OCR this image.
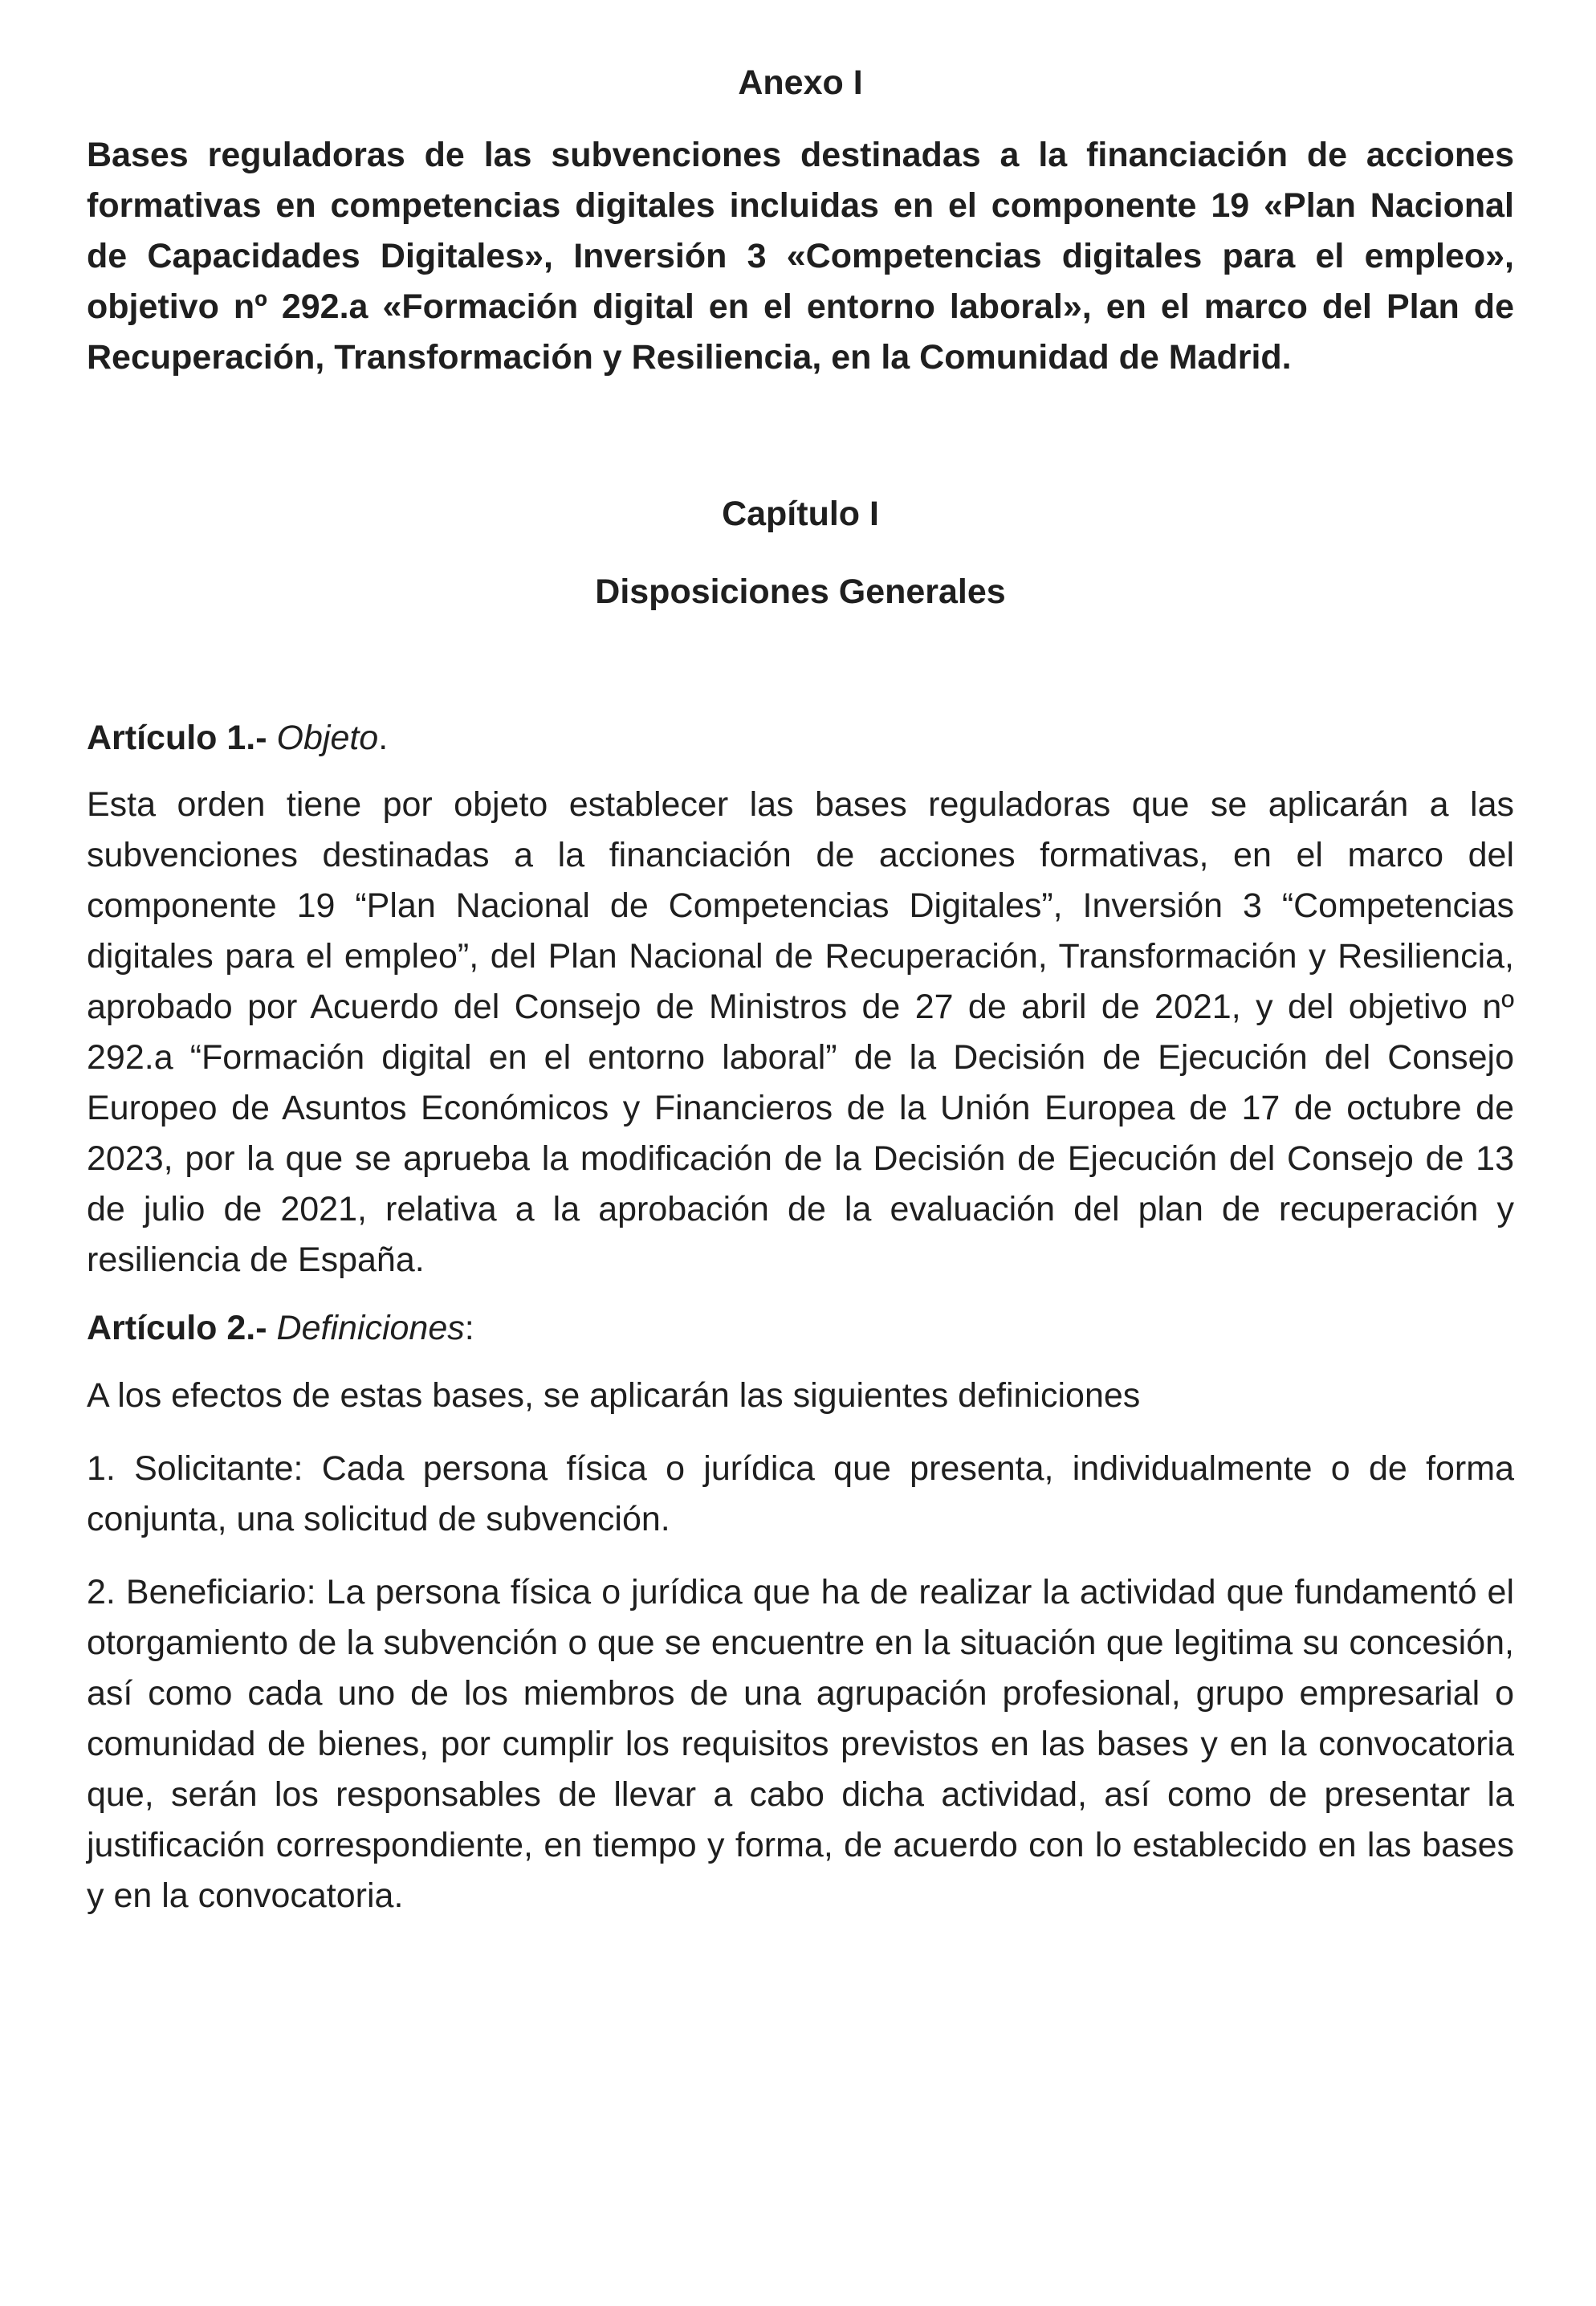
Anexo I

Bases reguladoras de las subvenciones destinadas a la financiación de acciones formativas en competencias digitales incluidas en el componente 19 «Plan Nacional de Capacidades Digitales», Inversión 3 «Competencias digitales para el empleo», objetivo nº 292.a «Formación digital en el entorno laboral», en el marco del Plan de Recuperación, Transformación y Resiliencia, en la Comunidad de Madrid.

Capítulo I
Disposiciones Generales
Artículo 1.- Objeto.

Esta orden tiene por objeto establecer las bases reguladoras que se aplicarán a las subvenciones destinadas a la financiación de acciones formativas, en el marco del componente 19 “Plan Nacional de Competencias Digitales”, Inversión 3 “Competencias digitales para el empleo”, del Plan Nacional de Recuperación, Transformación y Resiliencia, aprobado por Acuerdo del Consejo de Ministros de 27 de abril de 2021, y del objetivo nº 292.a “Formación digital en el entorno laboral” de la Decisión de Ejecución del Consejo Europeo de Asuntos Económicos y Financieros de la Unión Europea de 17 de octubre de 2023, por la que se aprueba la modificación de la Decisión de Ejecución del Consejo de 13 de julio de 2021, relativa a la aprobación de la evaluación del plan de recuperación y resiliencia de España.

Artículo 2.- Definiciones:

A los efectos de estas bases, se aplicarán las siguientes definiciones

1. Solicitante: Cada persona física o jurídica que presenta, individualmente o de forma conjunta, una solicitud de subvención.

2. Beneficiario: La persona física o jurídica que ha de realizar la actividad que fundamentó el otorgamiento de la subvención o que se encuentre en la situación que legitima su concesión, así como cada uno de los miembros de una agrupación profesional, grupo empresarial o comunidad de bienes, por cumplir los requisitos previstos en las bases y en la convocatoria que, serán los responsables de llevar a cabo dicha actividad, así como de presentar la justificación correspondiente, en tiempo y forma, de acuerdo con lo establecido en las bases y en la convocatoria.
